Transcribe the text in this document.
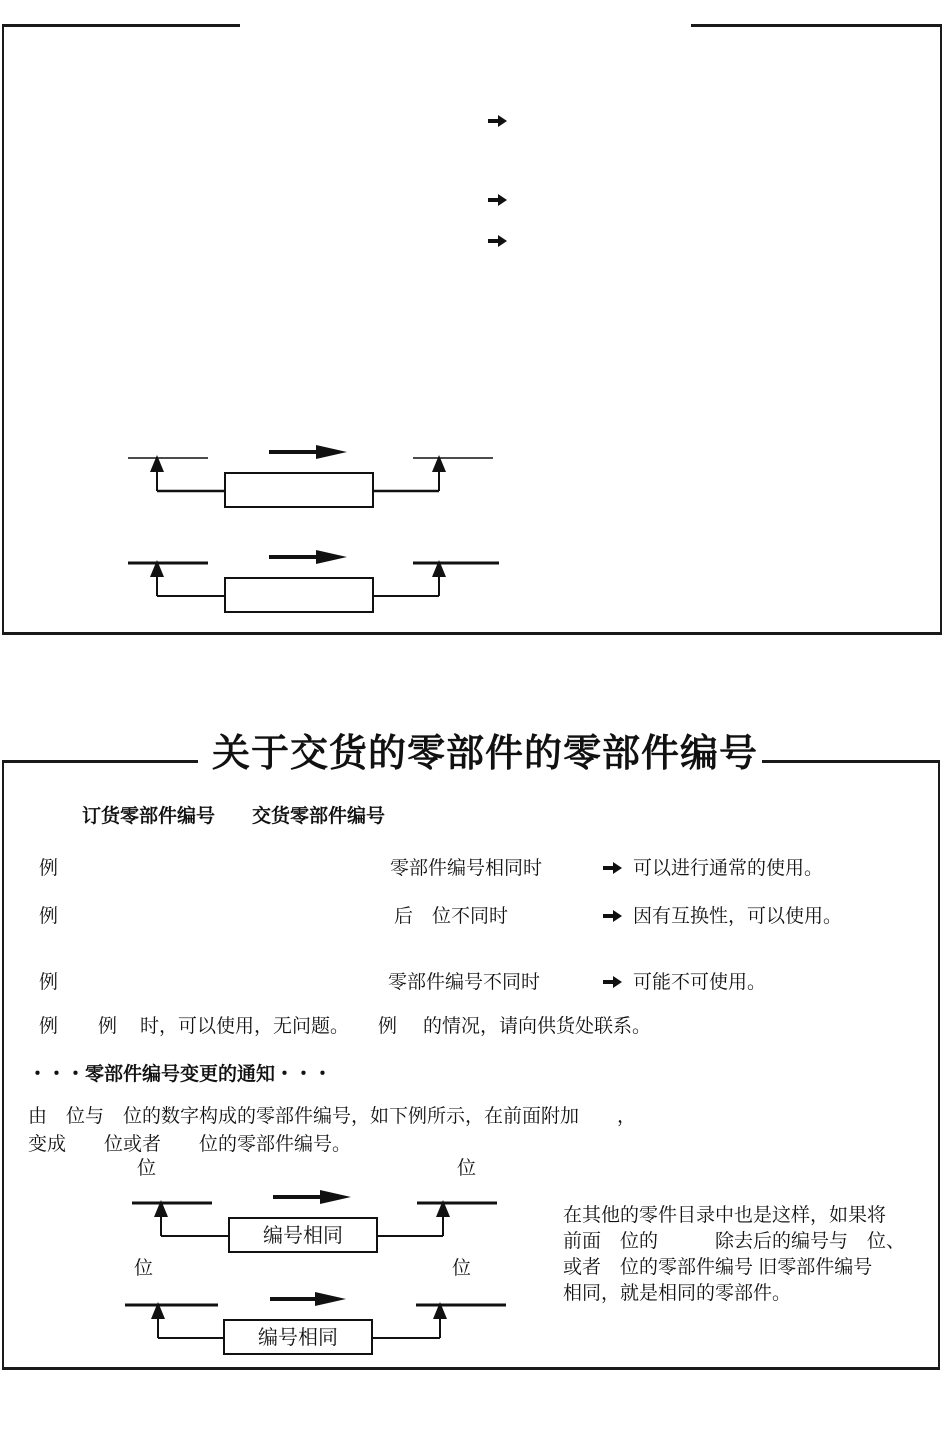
关于交货的零部件的零部件编号
订货零部件编号 交货零部件编号
例	零部件编号相同时	可以进行通常的使用。
例	后　位不同时	因有互换性，可以使用。
例	零部件编号不同时	可能不可使用。
例 例 时，可以使用，无问题。 例 的情况，请向供货处联系。
・・・零部件编号变更的通知・・・
由　位与　位的数字构成的零部件编号，如下例所示，在前面附加　　，
变成　　位或者　　位的零部件编号。
位	位
编号相同
位	位
编号相同
在其他的零件目录中也是这样，如果将
前面　位的　　　除去后的编号与　位、
或者　位的零部件编号 旧零部件编号
相同，就是相同的零部件。
